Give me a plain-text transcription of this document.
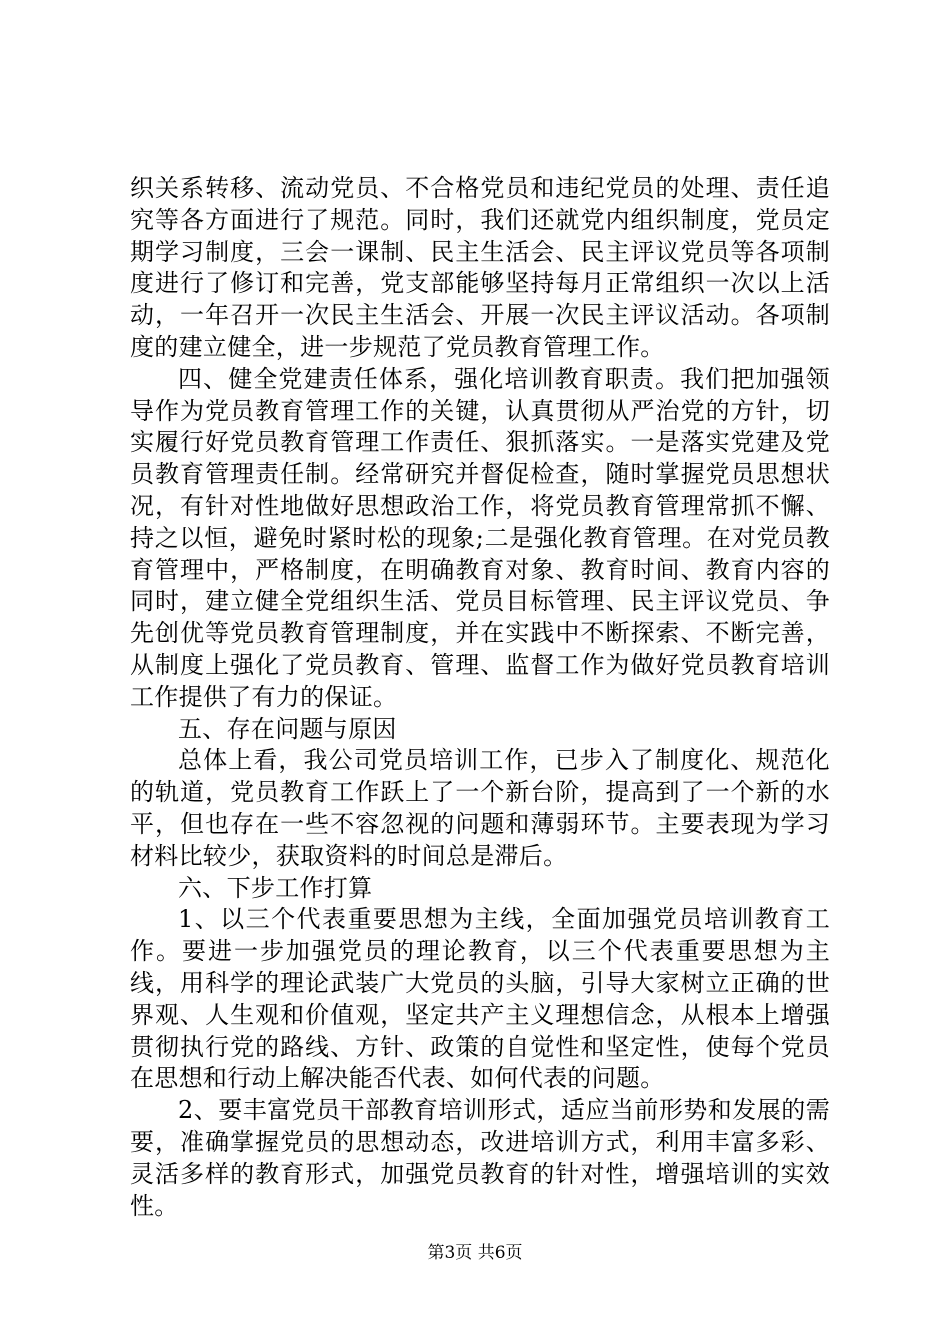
织关系转移、流动党员、不合格党员和违纪党员的处理、责任追究等各方面进行了规范。同时，我们还就党内组织制度，党员定期学习制度，三会一课制、民主生活会、民主评议党员等各项制度进行了修订和完善，党支部能够坚持每月正常组织一次以上活动，一年召开一次民主生活会、开展一次民主评议活动。各项制度的建立健全，进一步规范了党员教育管理工作。

四、健全党建责任体系，强化培训教育职责。我们把加强领导作为党员教育管理工作的关键，认真贯彻从严治党的方针，切实履行好党员教育管理工作责任、狠抓落实。一是落实党建及党员教育管理责任制。经常研究并督促检查，随时掌握党员思想状况，有针对性地做好思想政治工作，将党员教育管理常抓不懈、持之以恒，避免时紧时松的现象;二是强化教育管理。在对党员教育管理中，严格制度，在明确教育对象、教育时间、教育内容的同时，建立健全党组织生活、党员目标管理、民主评议党员、争先创优等党员教育管理制度，并在实践中不断探索、不断完善，从制度上强化了党员教育、管理、监督工作为做好党员教育培训工作提供了有力的保证。

五、存在问题与原因

总体上看，我公司党员培训工作，已步入了制度化、规范化的轨道，党员教育工作跃上了一个新台阶，提高到了一个新的水平，但也存在一些不容忽视的问题和薄弱环节。主要表现为学习材料比较少，获取资料的时间总是滞后。

六、下步工作打算

1、以三个代表重要思想为主线，全面加强党员培训教育工作。要进一步加强党员的理论教育，以三个代表重要思想为主线，用科学的理论武装广大党员的头脑，引导大家树立正确的世界观、人生观和价值观，坚定共产主义理想信念，从根本上增强贯彻执行党的路线、方针、政策的自觉性和坚定性，使每个党员在思想和行动上解决能否代表、如何代表的问题。

2、要丰富党员干部教育培训形式，适应当前形势和发展的需要，准确掌握党员的思想动态，改进培训方式，利用丰富多彩、灵活多样的教育形式，加强党员教育的针对性，增强培训的实效性。

第3页 共6页
